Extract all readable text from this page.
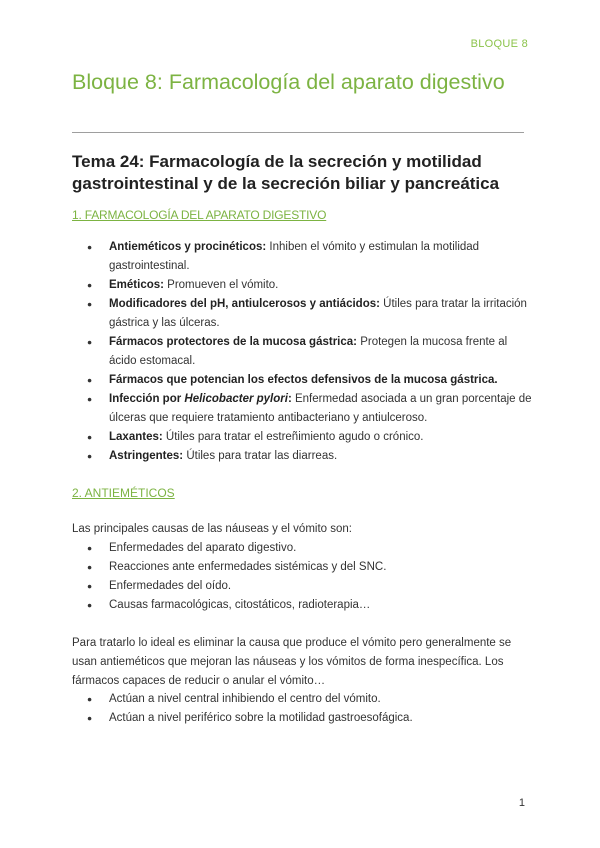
BLOQUE 8
Bloque 8: Farmacología del aparato digestivo
Tema 24: Farmacología de la secreción y motilidad gastrointestinal y de la secreción biliar y pancreática
1. FARMACOLOGÍA DEL APARATO DIGESTIVO
● Antieméticos y procinéticos: Inhiben el vómito y estimulan la motilidad gastrointestinal.
● Eméticos: Promueven el vómito.
● Modificadores del pH, antiulcerosos y antiácidos: Útiles para tratar la irritación gástrica y las úlceras.
● Fármacos protectores de la mucosa gástrica: Protegen la mucosa frente al ácido estomacal.
● Fármacos que potencian los efectos defensivos de la mucosa gástrica.
● Infección por Helicobacter pylori: Enfermedad asociada a un gran porcentaje de úlceras que requiere tratamiento antibacteriano y antiulceroso.
● Laxantes: Útiles para tratar el estreñimiento agudo o crónico.
● Astringentes: Útiles para tratar las diarreas.
2. ANTIEMÉTICOS

Las principales causas de las náuseas y el vómito son:

● Enfermedades del aparato digestivo.
● Reacciones ante enfermedades sistémicas y del SNC.
● Enfermedades del oído.
● Causas farmacológicas, citostáticos, radioterapia…

Para tratarlo lo ideal es eliminar la causa que produce el vómito pero generalmente se usan antieméticos que mejoran las náuseas y los vómitos de forma inespecífica. Los fármacos capaces de reducir o anular el vómito…

● Actúan a nivel central inhibiendo el centro del vómito.
● Actúan a nivel periférico sobre la motilidad gastroesofágica.
1
